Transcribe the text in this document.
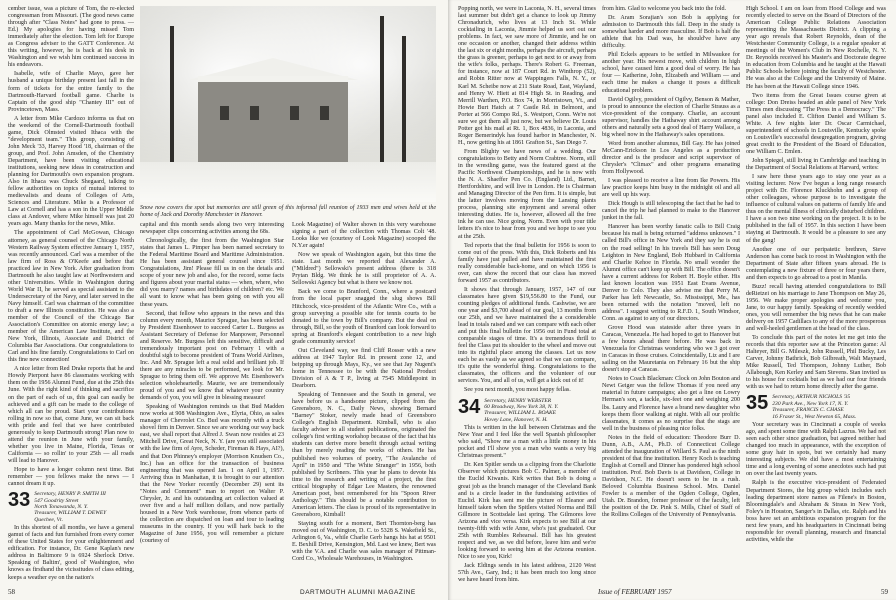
cember issue, was a picture of Tom, the re-elected congressman from Missouri. (The good news came through after "Class Notes" had gone to press. — Ed.) My apologies for having missed Tom immediately after the election. Tom left for Europe as Congress adviser to the GATT Conference. At this writing, however, he is back at his desk in Washington and we wish him continued success in his endeavors.

Isabelle, wife of Charlie Mayo, gave her husband a unique birthday present last fall in the form of tickets for the entire family to the Dartmouth-Harvard football game. Charlie is Captain of the good ship "Chantey III" out of Provincetown, Mass.

A letter from Mike Cardozo informs us that on the weekend of the Cornell-Dartmouth football game, Dick Olmsted visited Ithaca with the "development team." This group, consisting of John Meck '33, Harvey Hood '18, chairman of the group, and Prof. John Amsden, of the Chemistry Department, have been visiting educational institutions, seeking new ideas in construction and planning for Dartmouth's own expansion program. Also in Ithaca was Chuck Shegaard, talking to fellow authorities on topics of mutual interest to medievalists and deans of Colleges of Arts, Sciences and Literature. Mike is a Professor of Law at Cornell and has a son in the Upper Middle class at Andover, where Mike himself was just 20 years ago. Many thanks for the news, Mike.

The appointment of Carl McGowan, Chicago attorney, as general counsel of the Chicago North Western Railway System effective January 1, 1957, was recently announced. Carl was a member of the law firm of Ross & O'Keefe and before that practiced law in New York. After graduation from Dartmouth he also taught law at Northwestern and other Universities. While in Washington during World War II, he served as special assistant to the Undersecretary of the Navy, and later served in the Navy himself. Carl was chairman of the committee to draft a new Illinois constitution. He was also a member of the Council of the Chicago Bar Association's Committee on atomic energy law; a member of the American Law Institute, and the New York, Illinois, Associate and District of Columbia Bar Associations. Our congratulations to Carl and his fine family. Congratulations to Carl on this fine new connection!

A nice letter from Red Drake reports that he and Howdy Pierpont have 86 classmates working with them on the 1956 Alumni Fund, due at the 25th this June. With the right kind of thinking and sacrifice on the part of each of us, this goal can easily be achieved and a gift can be made to the college of which all can be proud. Start your contributions rolling in now so that, come June, we can sit back with pride and feel that we have contributed generously to keep Dartmouth strong! Plan now to attend the reunion in June with your family, whether you live in Maine, Florida, Texas or California — so rollin' to your 25th — all roads will lead to Hanover.

Hope to have a longer column next time. But remember — you fellows make the news — I cannot dream it up.

33 Secretary, HENRY P. SMITH III
547 Goodrity Street
North Tonawanda, N. Y.
Treasurer, WILLIAM T. DEWEY
Quechee, Vt.

In this shortest of all months, we have a general gamut of facts and fun furnished from every corner of these United States for your enlightenment and edification. For instance, Dr. Gene Kaplan's new address in Baltimore 9 is 6924 Sherlock Drive. Speaking of Baltim', good ol' Washington, who knows as firsthand the vicissitudes of class editing, keeps a weather eye on the nation's

Snow now covers the spot but memories are still green of this informal fall reunion of 1933 men and wives held at the home of Jack and Dorothy Manchester in Hanover.

capital and this month sends along two very interesting newspaper clips concerning activities among the 68s.

Chronologically, the first from the Washington Star states that James L. Pimper has been named secretary to the Federal Maritime Board and Maritime Administration. He has been assistant general counsel since 1951. Congratulations, Jim! Please fill us in on the details and scope of your new job and also, for the record, some facts and figures about your marital status — when, where, who did you marry? names and birthdates of children? etc. We all want to know what has been going on with you all these years.

Second, that fellow who appears in the news and this column every month, Maurice Sprague, has been selected by President Eisenhower to succeed Carter L. Burgess as Assistant Secretary of Defense for Manpower, Personnel and Reserve. Mr. Burgess left this sensitive, difficult and tremendously important post on February 1 with a doubtful sigh to become president of Trans World Airlines, Inc. And Mr. Sprague left a real solid and brilliant job. If there are any miracles to be performed, we look for Mr. Sprague to bring them off. We approve Mr. Eisenhower's selection wholeheartedly. Maurie, we are tremendously proud of you and we know that whatever your country demands of you, you will give in blessing measure!

Speaking of Washington reminds us that Bud Madden now works at 908 Washington Ave., Elyria, Ohio, as sales manager of Chevrolet Co. Bud was recently with a truck shovel firm in Denver. Since we are working our way back east, we shall report that Alfred J. Swan now resides at 23 Mitchell Drive, Great Neck, N. Y. (are you still associated with the law firm of Ayre, Scheder, Fireman & Hays, AI?), and that Don Phinney's employer (Morrison Knudsen Co., Inc.) has an office for the transaction of business engineering that was opened Jan. 1 on April 1, 1957. Arriving thus in Manhattan, it is brought to our attention that the New Yorker recently (December 29) sent its "Notes and Comment" man to report on Walter P. Chrysler, Jr. and his outstanding art collection valued at over five and a half million dollars, and now partially housed in a New York warehouse, from whence parts of the collection are dispatched on loan and tour to leading museums in the country. If you will hark back to the Magazine of June 1956, you will remember a picture (courtesy of

Look Magazine) of Walter shown in this very warehouse signing a part of the collection with Thomas Colt '48. Looks like we (courtesy of Look Magazine) scooped the N.Y.er again!

Now we speak of Washington again, but this time the state. Last month we reported that Alexander A. ("Mildred") Sellowski's present address (there is 318 Prytan Bldg. We think he is still proprietor of A. A. Sellowski Agency but what is there we know not.

Back we come to Branford, Conn., where a postcard from the local paper snagged the slug shows Bill Hitchcock, vice-president of the Atlantic Wire Co., with a group surveying a possible site for tennis courts to be donated to the town by Bill's company. But the deal on through, Bill, so the youth of Branford can look forward to spring at Branford's elegant contribution to a new high grade community service!

Out Cleveland way, we find Cliff Rosser with a new address at 1947 Taylor Rd. in present zone 12, and beipping up through Mays, Ky., we see that Jay Nugent's home in Tennessee to be with the National Product Division of A & T P., living at 7545 Middlepoint in Dearborn.

Speaking of Tennessee and the South in general, we have before us a handsome picture, clipped from the Greensboro, N. C., Daily News, showing Bernard "Barney" Stoker, newly made head of Greensboro College's English Department. Kimball, who is also faculty adviser to all student publications, originated the college's first writing workshop because of the fact that his students can derive more benefit through actual writing than by merely reading the works of others. He has published two volumes of poetry, "The Avalanche of April" in 1950 and "The White Stranger" in 1956, both published by Scribners. This year he plans to devote his time to the research and writing of a project, the first critical biography of Edgar Lee Masters, the renowned American poet, best remembered for his "Spoon River Anthology." This should be a notable contribution to American letters. The class is proud of its representative in Greensboro, Kimball!

Staying south for a moment, Bert Thornton-berg has moved out of Washington, D. C. to 5328 S. Wakefield St., Arlington 6, Va., while Charlie Gerb hangs his hat at 9501 E. Bexhill Drive, Kensington, Md. Last we knew, Bert was with the V.A. and Charlie was sales manager of Pittman-Cord Co., Wholesale Warehouses, in Washington.

58	DARTMOUTH ALUMNI MAGAZINE

Popping north, we were in Laconia, N. H., several times last summer but didn't get a chance to look up Jimmy Chronadurich, who lives at 13 Inch St. While cocktailing in Laconia, Jimmie helped us sort out our problems. In fact, we saw more of Jimmie, and he on one occasion or another, changed their address within the last six or eight months, perhaps the aircraft, perhaps the grass is greener, perhaps to get next to or away from the wife's folks, perhaps. There's Robert G. Freeman, for instance, now at 187 Court Rd. in Winthrop (52), and Robin Ritter now at Wappingers Falls, N. Y., or Karl M. Scheibe now at 211 State Road, East, Wayland, and Henry W. Hiett at 814 High St. in Reading, and Merrill Warthen, P.O. Box 74, in Morristown, Vt., and Howie Burt Hatch at 7 Castle Rd. in Belmont, and Porter at 566 Compo Rd., S. Westport, Conn. We're not sure we got them all just now, but we believe Dr. Louis Potter got his mail at Rt. 1, Box 4836, in Laconia, and Roger Bemerindyk has found harbor in Manchester, N. H., now getting his at 1861 Grafton St., San Diego 7.

From Blighty we have news of a wedding. Our congratulations to Betty and Norm Crabtree. Norm, still in the wrestling game, was the featured guest at the Pacific Northwest Championships, and he is now with the N. A. Shaeffer Pen Co. (England) Ltd., Barnet, Hertfordshire, and will live in London. He is Chairman and Managing Director of the Pen firm. It is simple, but the latter involves moving from the Lansing plants process, planning site enjoyment and several other interesting duties. He is, however, allowed all the free ink he can use. Nice going, Norm. Even with your title letters it's nice to hear from you and we hope to see you at the 25th.

Ted reports that the final bulletin for 1956 is soon to come out of the press. With this, Dick Roberts and his family have just pulled and have maintained the first really considerable back-home, and on which 1956 is over, can show the record that our class has moved forward 1957 as contributors.

It shows that through January, 1957, 147 of our classmates have given $19,556.80 to the Fund, our counting pledges of additional funds. Cashwise, we are one year and $3,700 ahead of our goal, 13 months from our 25th, and we have maintained the a considerable lead in totals raised and we can compare with each other and put this final bulletin for 1956 out in Fund total at comparable stages of time. It's a tremendous thrill to feel the Class put its shoulder to the wheel and move out into its rightful place among the classes. Let us now each be as vastly as we agreed so that we can compare, it's quite the wonderful thing. Congratulations to the classmates, the officers and the volunteer of our services. You, and all of us, will get a kick out of it!

See you next month, you most happy fellas.

34 Secretary, HENRY WEBSTER
60 Broadway, New York 38, N. Y.
Treasurer, WILLIAM L. BOAKE
Hovey Lane, Hanover, N. H.

This is written in the lull between Christmas and the New Year and I feel like the well Spanish philosopher who said, "Show me a man with a little money in his pocket and I'll show you a man who wants a very big Christmas present."

Dr. Ken Spitler sends us a clipping from the Charlotte Observer which pictures Bob C. Palmer, a member of the Euclid Kiwanis. Kirk writes that Bob is doing a great job as the branch manager of the Cleveland Bank and is a circle leader in the fundraising activities of Euclid. Kirk has sent me the picture of Eleanor and himself taken when the Spitlers visited Norma and Bill Gillmore in Scottsdale last spring. The Gilmores love Arizona and vice versa. Kirk expects to see Bill at our twenty-fifth with wife Anne, who's just graduated. Our 25th with Rumbles Rehearsal. Bill has his greatest respect and we, as we did before, leave him and we're looking forward to seeing him at the Arizona reunion. Nice to see you, Kirk!

Jack Eldings sends in his latest address, 2120 West 57th Ave., Gary, Ind.; it has been much too long since we have heard from him.

from him. Glad to welcome you back into the fold.

Dr. Aram Sorajian's son Bob is applying for admission to Dartmouth this fall. Deep in the study is somewhat harder and more masculine. If Bob is half the athlete that his Dad was, he should've have any difficulty.

Phil Eckels appears to be settled in Milwaukee for another year. His newest move, with children in high school, have caused him a good deal of worry. He has four — Katherine, John, Elizabeth and William — and each time he makes a change it poses a difficult educational problem.

David Ogilvy, president of Ogilvy, Benson & Mather, is proud to announce the election of Charlie Strauss as a vice-president of the company. Charlie, an account supervisor, handles the Hathaway shirt account among others and naturally sets a good deal of Harry Wallace, a big wheel now in the Hathaway's sales operations.

Word from another alumnus, Bill Gay. He has joined McCann-Erickson in Los Angeles as a production director and is the producer and script supervisor of Chrysler's "Climax" and other programs emanating from Hollywood.

I was pleased to receive a line from Ike Powers. His law practice keeps him busy in the midnight oil and all are well up his way.

Dick Hough is still telescoping the fact that he had to cancel the trip he had planned to make to the Hanover junket in the fall.

Hanover has been worthy fanatic calls to Bill Craig because his mail is being returned "address unknown." I called Bill's office in New York and they say he is out on the road selling! In his travels Bill has seen Doug Leighton in New England, Bob Hubbard in California and Charlie Kehoe in Florida. No small wonder the Alumni office can't keep up with Bill. The office doesn't have a current address for Robert H. Boyle either. His last known location was 1951 East Evans Avenue, Denver to Colo. They also advise me that Perry M. Parker has left Newcastle, So. Mississippi, Me., has been returned with the notation "moved, left no address". I suggest writing to R.F.D. 1, South Windsor, Conn. as against to any of our directors.

Grove Hood was stateside after three years in Caracas, Venezuela. He had hoped to get to Hanover but a few hours ahead there before. He was back in Venezuela for Christmas wondering who we 3 got over in Caracas in those cruises. Coincidentally, Liz and I are sailing on the Mauretania on February 16 but the ship doesn't stop at Caracas.

Notes to Coach Blackman: Clock on John Bouton and Newt Geiger was the fellow Thomas if you need any material in future campaigns; also get a line on Lowry Herman's son, a tackle, six-feet one and weighing 200 lbs. Laury and Florence have a brand new daughter who keeps them floor walking at night. With all our prolific classmates, it comes as no surprise that the stags are well in the business of pleasing nice folks.

Notes in the field of education: Theodore Burr D. Dunn, A.B., A.M., Ph.D. of Connecticut College attended the inauguration of Willard S. Paul as the ninth president of that fine institution. Henry Koch is teaching English at Cornell and Dinner has pondered high school institution. Prof. Bob Davis is at Davidson, College in Davidson, N.C. He doesn't seem to be in a rush. Beloved Columbia Business School. Mrs. Daniel Fowler is a member of the Ogden College, Ogden, Utah. Dr. Brandon, former professor of the faculty, left the position of the Dr. Pink S. Mills, Chief of Staff of the Rollins Colleges of the University of Pennsylvania.

High School. I am on loan from Hood College and was recently elected to serve on the Board of Directors of the American College Public Relations Association representing the Massachusetts District. A clipping a year ago reveals that Robert Reynolds, dean of the Westchester Community College, is a regular speaker at meetings of the Women's Club in New Rochelle, N. Y. Dr. Reynolds received his Master's and Doctorate degree in education from Columbia and he taught at the Hawaii Public Schools before joining the faculty of Westchester. He was also at the College and the University of Maine. He has been at the Hawaii College since 1946.

Two items from the Great Issues course given at college: Don Dreiss headed an able panel of New York Times men discussing "The Press in a Democracy." The panel also included E. Clifton Daniel and William S. White. A few nights later Dr. Oscar Carmichael, superintendent of schools in Louisville, Kentucky spoke on Louisville's successful desegregation program, giving great credit to the President of the Board of Education, one William C. Emlen.

John Spiegel, still living in Cambridge and teaching in the Department of Social Relations at Harvard, writes:

I saw here these years ago to stay one year as a visiting lecturer. Now I've begun a long range research project with Dr. Florence Kluckhohn and a group of other colleagues, whose purpose is to investigate the influence of cultural values on patterns of family life and thus on the mental illness of clinically disturbed children. I have a son two nine working on the project. It is to be published in the fall of 1957. In this section I have been staying at Dartmouth. It would be a pleasure to see any of the gang!

Another one of our peripatetic brethren, Steve Anderson has come back to roost in Washington with the Department of State after fifteen years abroad. He is contemplating a new fixture of three or four years there, and then expects to go abroad to a post in Manila.

Buzz! recall having attended congratulations to Bill deRietzei on his marriage to Jane Thompson on May 26, 1956. We make proper apologies and welcome you, Jane, to our happy family. Speaking of recently wedded ones, you will remember the big news that he can make delivery on 1957 Cadillacs to any of the more prosperous and well-heeled gentlemen at the head of the class.

To conclude this part of the notes let me get into the records that this reporter saw at the Princeton game: Al Halteyer, Bill G. Mileszk, John Russell, Phil Bucky, Les Carver, Johnny Bathrick, Bob Gilbreath, Walt Maynard, Mike Russell, Ted Thompson, Johnny Luther, Bob Allabough, Ken Kerley and Sam Stevens. Stan invited us to his house for cocktails but as we had our four friends with us we had to return home directly after the game.

35 Secretary, ARTHUR NICHOLS '35
230 Park Ave., New York 17, N. Y.
Treasurer, FRANCIS C. CHASE
16 Fraser St., West Newton 65, Mass.

Your secretary was in Cincinnati a couple of weeks ago, and spent some time with Ralph Lazrus. We had not seen each other since graduation, but agreed neither had changed too much in appearance, with the exception of some gray hair in spots, but we certainly had many interesting subjects. We did have a most entertaining time and a long evening of some anecdotes such had put on over the last twenty years.

Ralph is the executive vice-president of Federated Department Stores, the big group which includes such leading department store names as Filene's in Boston, Bloomingdale's and Abraham & Straus in New York, Foley's in Houston, Sanger's in Dallas, etc. Ralph and his boss have set an ambitious expansion program for the next few years, and his headquarters in Cincinnati being responsible for overall planning, research and financial activities, while the

Issue of FEBRUARY 1957	59
